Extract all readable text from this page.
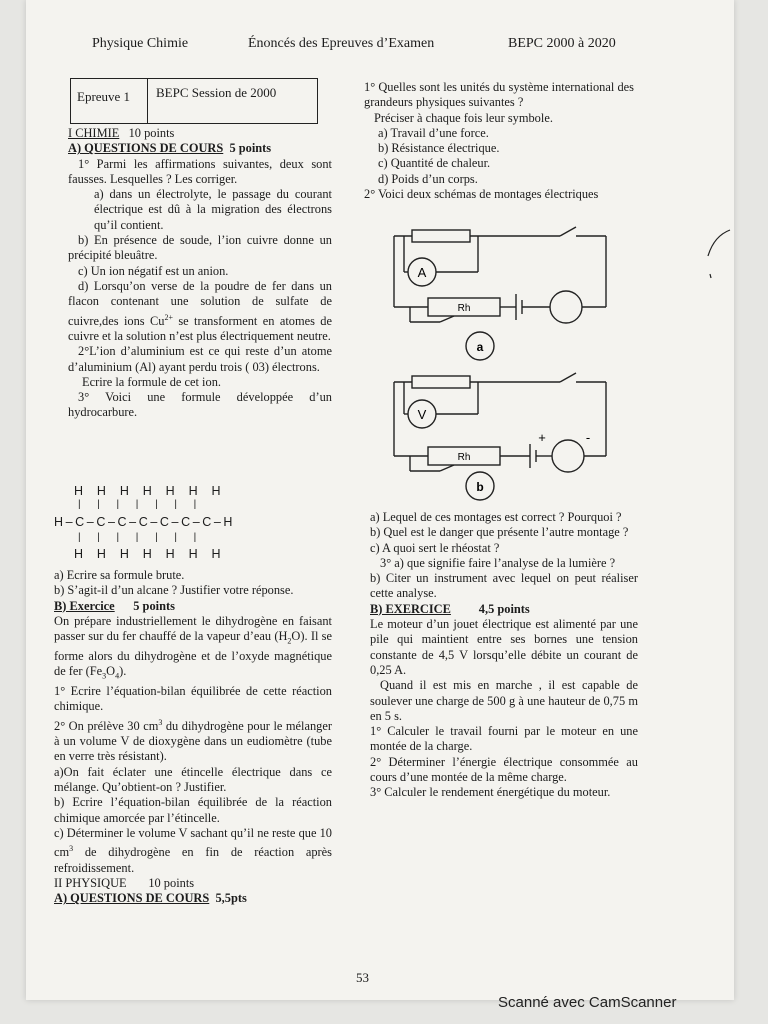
Physique Chimie	Énoncés des Epreuves d’Examen	BEPC 2000 à 2020
Epreuve 1	BEPC Session de 2000

I CHIMIE 10 points

A) QUESTIONS DE COURS 5 points

1° Parmi les affirmations suivantes, deux sont fausses. Lesquelles ? Les corriger.

a) dans un électrolyte, le passage du courant électrique est dû à la migration des électrons qu’il contient.

b) En présence de soude, l’ion cuivre donne un précipité bleuâtre.

c) Un ion négatif est un anion.

d) Lorsqu’on verse de la poudre de fer dans un flacon contenant une solution de sulfate de cuivre,des ions $Cu^{2+}$ se transforment en atomes de cuivre et la solution n’est plus électriquement neutre.

2°L’ion d’aluminium est ce qui reste d’un atome d’aluminium (Al) ayant perdu trois ( 03) électrons.

Ecrire la formule de cet ion.

3° Voici une formule développée d’un hydrocarbure.

H    H    H    H    H    H    H
|      |      |      |      |      |      |
H–C–C–C–C–C–C–C–H
|      |      |      |      |      |      |
H    H    H    H    H    H    H

a) Ecrire sa formule brute.

b) S’agit-il d’un alcane ? Justifier votre réponse.

B) Exercice 5 points

On prépare industriellement le dihydrogène en faisant passer sur du fer chauffé de la vapeur d’eau $(H_2O)$. Il se forme alors du dihydrogène et de l’oxyde magnétique de fer $(Fe_3O_4)$.

1° Ecrire l’équation-bilan équilibrée de cette réaction chimique.

2° On prélève 30 $cm^3$ du dihydrogène pour le mélanger à un volume V de dioxygène dans un eudiomètre (tube en verre très résistant).

a)On fait éclater une étincelle électrique dans ce mélange. Qu’obtient-on ? Justifier.

b) Ecrire l’équation-bilan équilibrée de la réaction chimique amorcée par l’étincelle.

c) Déterminer le volume V sachant qu’il ne reste que 10 $cm^3$ de dihydrogène en fin de réaction après refroidissement.

II PHYSIQUE 10 points

A) QUESTIONS DE COURS 5,5pts

1° Quelles sont les unités du système international des grandeurs physiques suivantes ?

Préciser à chaque fois leur symbole.

a) Travail d’une force.

b) Résistance électrique.

c) Quantité de chaleur.

d) Poids d’un corps.

2° Voici deux schémas de montages électriques

A
Rh
a
V
Rh
+	-
b

a) Lequel de ces montages est correct ? Pourquoi ?

b) Quel est le danger que présente l’autre montage ?

c) A quoi sert le rhéostat ?

3° a) que signifie faire l’analyse de la lumière ?

b) Citer un instrument avec lequel on peut réaliser cette analyse.

B) EXERCICE 4,5 points

Le moteur d’un jouet électrique est alimenté par une pile qui maintient entre ses bornes une tension constante de 4,5 V lorsqu’elle débite un courant de 0,25 A.

Quand il est mis en marche , il est capable de soulever une charge de 500 g à une hauteur de 0,75 m en 5 s.

1° Calculer le travail fourni par le moteur en une montée de la charge.

2° Déterminer l’énergie électrique consommée au cours d’une montée de la même charge.

3° Calculer le rendement énergétique du moteur.

53
Scanné avec CamScanner
